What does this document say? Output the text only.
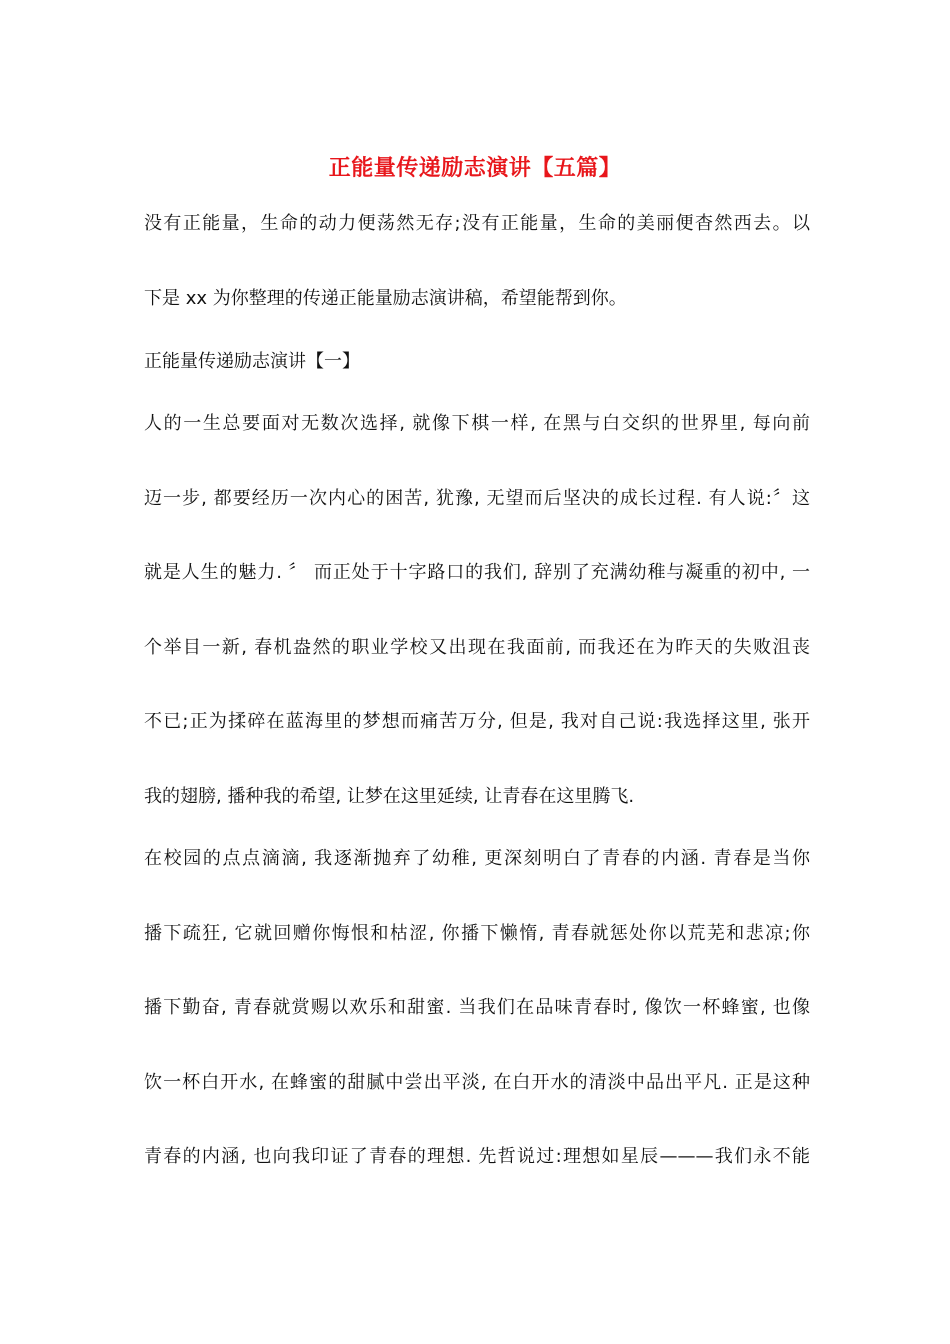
正能量传递励志演讲【五篇】
没有正能量，生命的动力便荡然无存;没有正能量，生命的美丽便杳然西去。以
下是 xx 为你整理的传递正能量励志演讲稿，希望能帮到你。
正能量传递励志演讲【一】
人的一生总要面对无数次选择, 就像下棋一样, 在黑与白交织的世界里, 每向前
迈一步, 都要经历一次内心的困苦, 犹豫, 无望而后坚决的成长过程. 有人说:〞这
就是人生的魅力. 〞 而正处于十字路口的我们, 辞别了充满幼稚与凝重的初中, 一
个举目一新, 春机盎然的职业学校又出现在我面前, 而我还在为昨天的失败沮丧
不已;正为揉碎在蓝海里的梦想而痛苦万分, 但是, 我对自己说:我选择这里, 张开
我的翅膀, 播种我的希望, 让梦在这里延续, 让青春在这里腾飞.
在校园的点点滴滴, 我逐渐抛弃了幼稚, 更深刻明白了青春的内涵. 青春是当你
播下疏狂, 它就回赠你悔恨和枯涩, 你播下懒惰, 青春就惩处你以荒芜和悲凉;你
播下勤奋, 青春就赏赐以欢乐和甜蜜. 当我们在品味青春时, 像饮一杯蜂蜜, 也像
饮一杯白开水, 在蜂蜜的甜腻中尝出平淡, 在白开水的清淡中品出平凡. 正是这种
青春的内涵, 也向我印证了青春的理想. 先哲说过:理想如星辰———我们永不能
